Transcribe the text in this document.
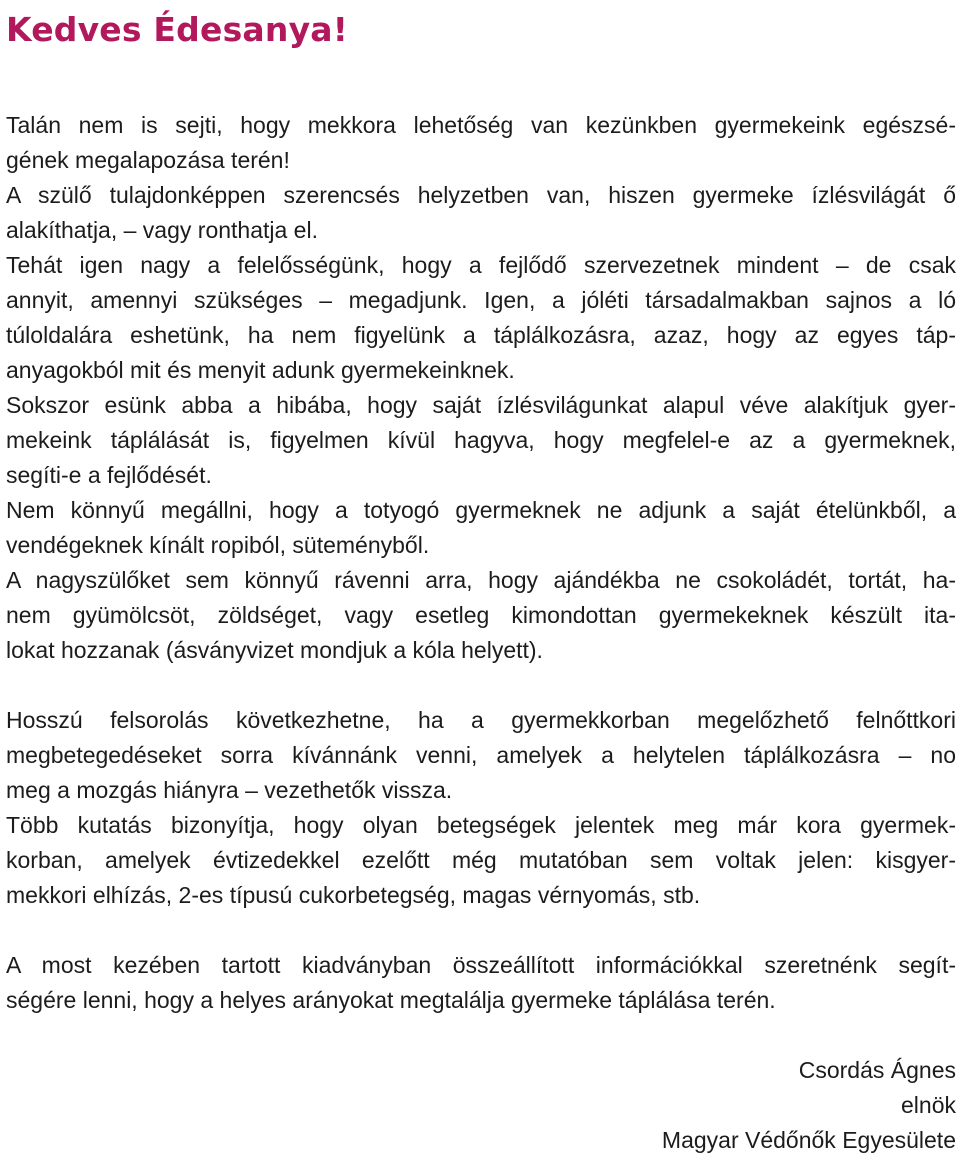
Kedves Édesanya!

Talán nem is sejti, hogy mekkora lehetőség van kezünkben gyermekeink egészsé-

gének megalapozása terén!

A szülő tulajdonképpen szerencsés helyzetben van, hiszen gyermeke ízlésvilágát ő

alakíthatja, – vagy ronthatja el.

Tehát igen nagy a felelősségünk, hogy a fejlődő szervezetnek mindent – de csak

annyit, amennyi szükséges – megadjunk. Igen, a jóléti társadalmakban sajnos a ló

túloldalára eshetünk, ha nem figyelünk a táplálkozásra, azaz, hogy az egyes táp-

anyagokból mit és menyit adunk gyermekeinknek.

Sokszor esünk abba a hibába, hogy saját ízlésvilágunkat alapul véve alakítjuk gyer-

mekeink táplálását is, figyelmen kívül hagyva, hogy megfelel-e az a gyermeknek,

segíti-e a fejlődését.

Nem könnyű megállni, hogy a totyogó gyermeknek ne adjunk a saját ételünkből, a

vendégeknek kínált ropiból, süteményből.

A nagyszülőket sem könnyű rávenni arra, hogy ajándékba ne csokoládét, tortát, ha-

nem gyümölcsöt, zöldséget, vagy esetleg kimondottan gyermekeknek készült ita-

lokat hozzanak (ásványvizet mondjuk a kóla helyett).

Hosszú felsorolás következhetne, ha a gyermekkorban megelőzhető felnőttkori

megbetegedéseket sorra kívánnánk venni, amelyek a helytelen táplálkozásra – no

meg a mozgás hiányra – vezethetők vissza.

Több kutatás bizonyítja, hogy olyan betegségek jelentek meg már kora gyermek-

korban, amelyek évtizedekkel ezelőtt még mutatóban sem voltak jelen: kisgyer-

mekkori elhízás, 2-es típusú cukorbetegség, magas vérnyomás, stb.

A most kezében tartott kiadványban összeállított információkkal szeretnénk segít-

ségére lenni, hogy a helyes arányokat megtalálja gyermeke táplálása terén.

Csordás Ágnes

elnök

Magyar Védőnők Egyesülete
